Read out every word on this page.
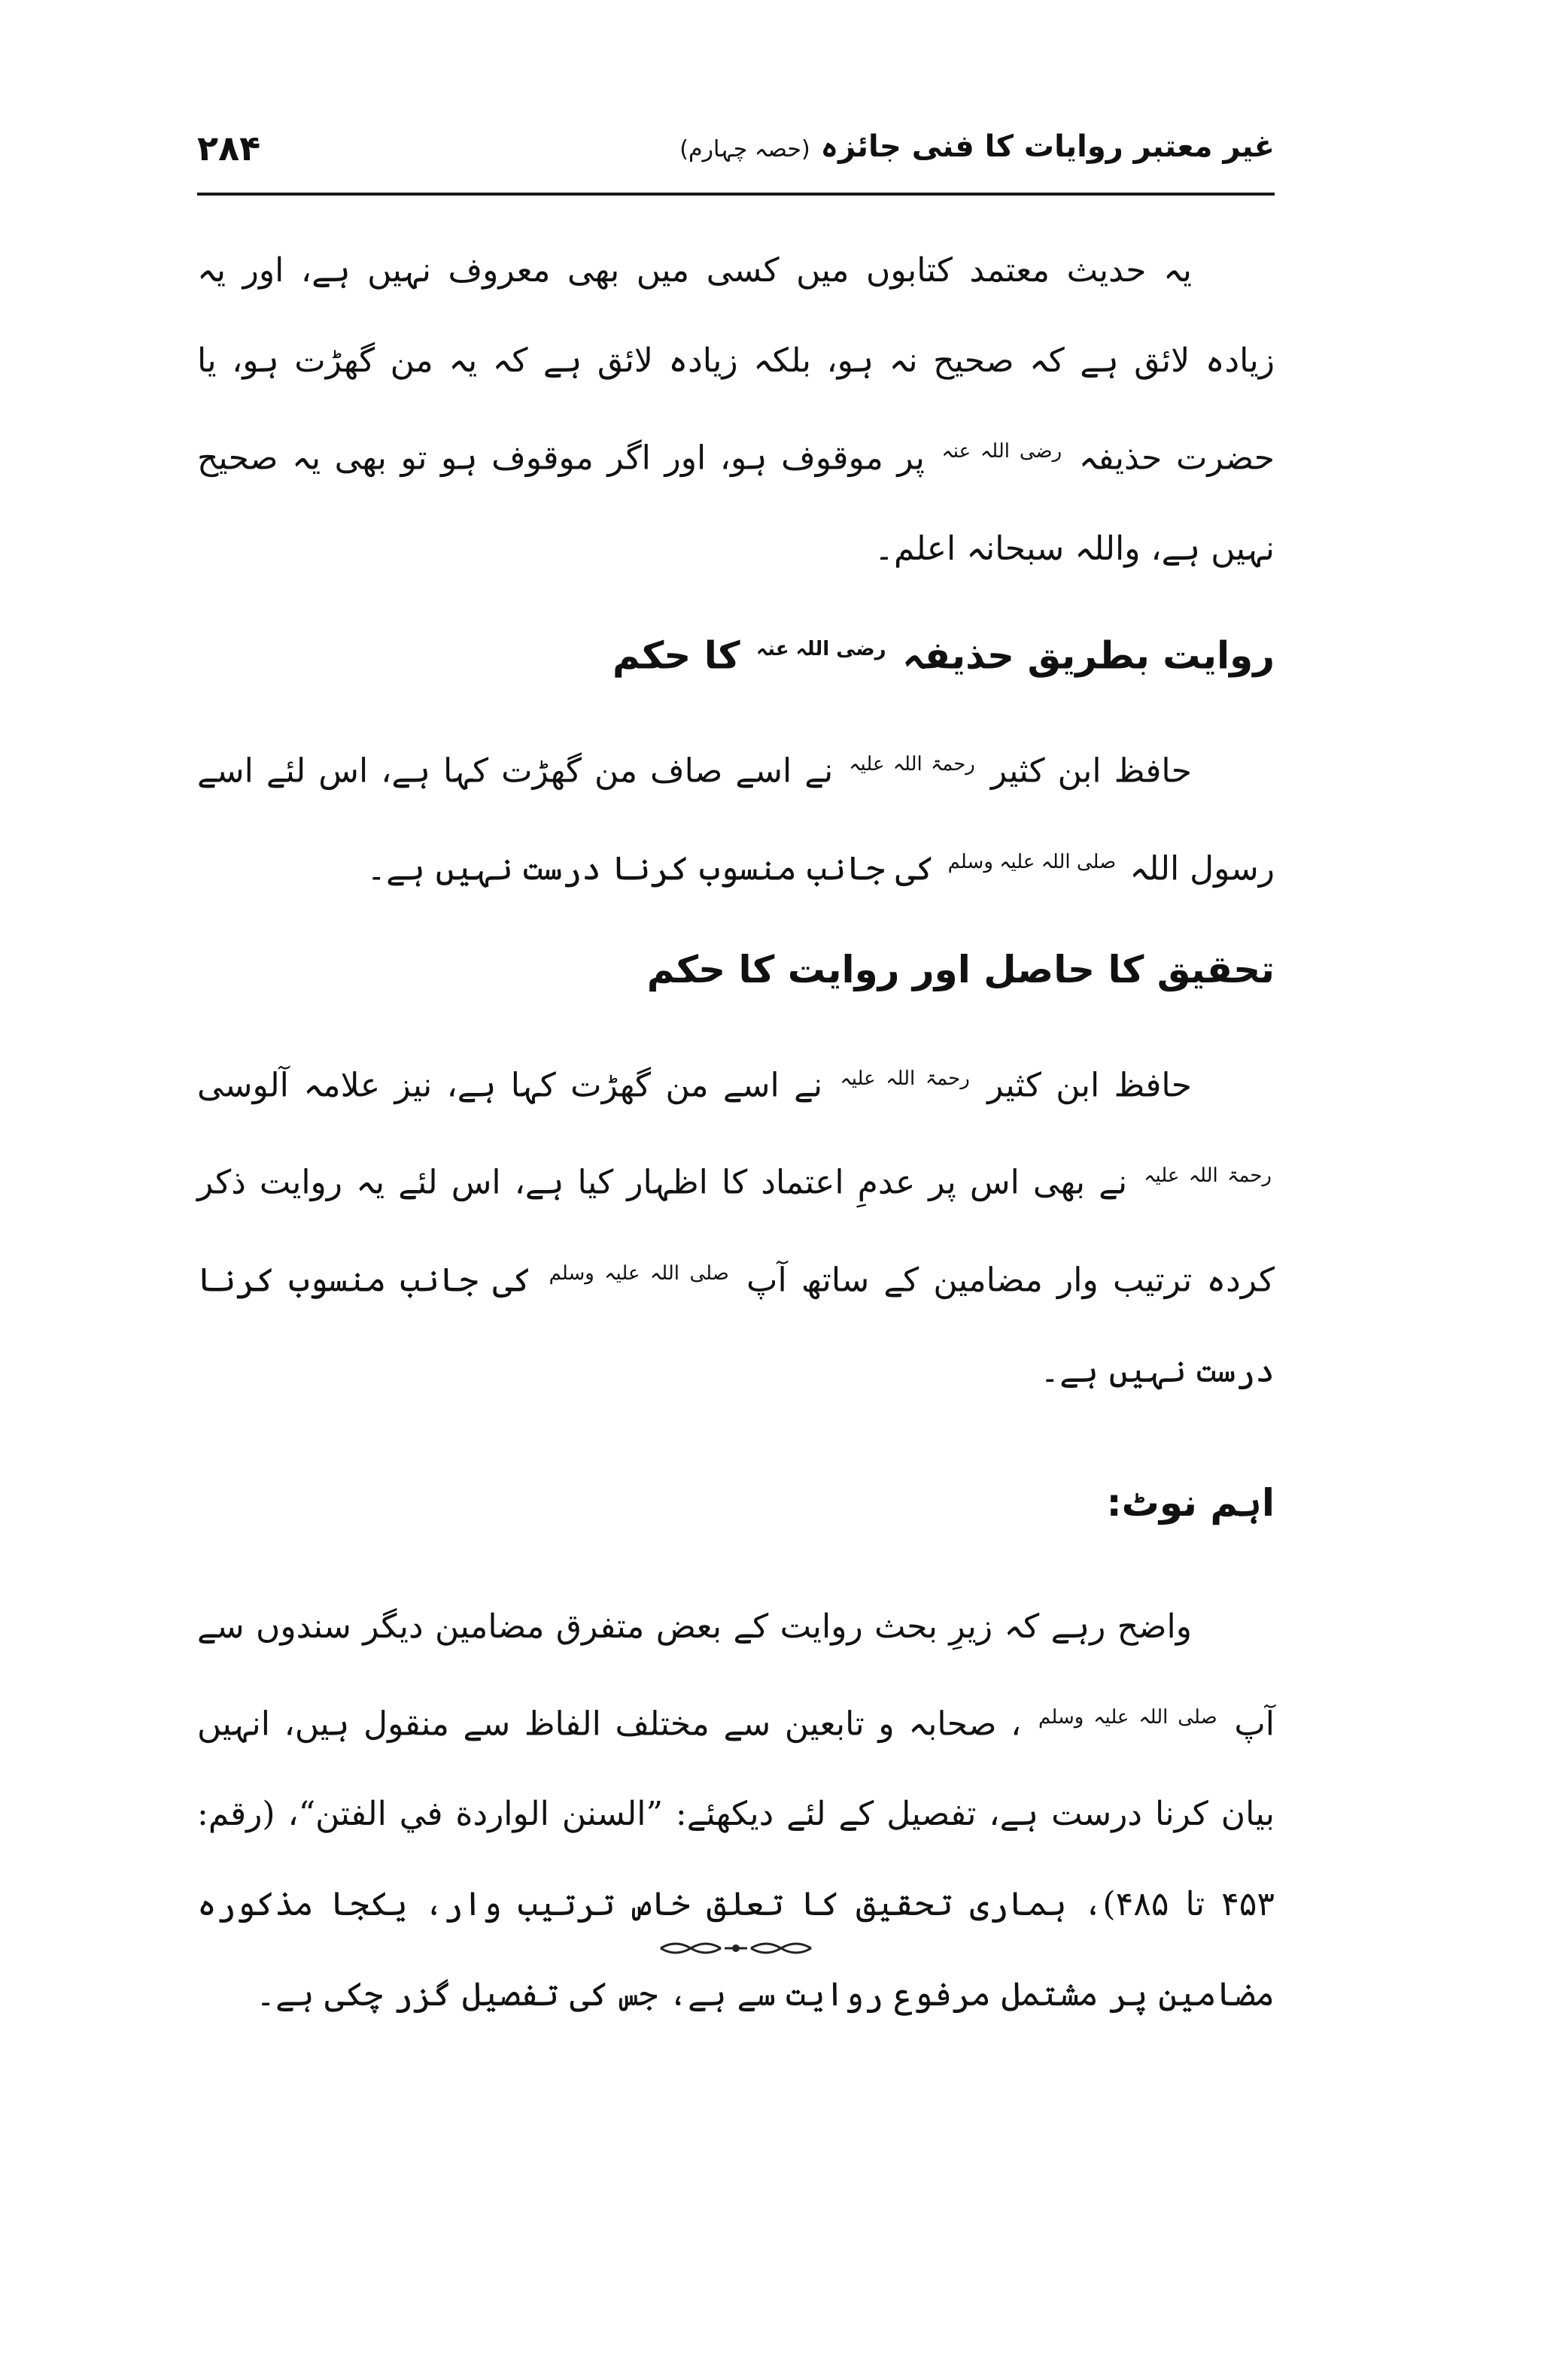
غیر معتبر روایات کا فنی جائزہ(حصہ چہارم)
۲۸۴

یہ حدیث معتمد کتابوں میں کسی میں بھی معروف نہیں ہے، اور یہ زیادہ لائق ہے کہ صحیح نہ ہو، بلکہ زیادہ لائق ہے کہ یہ من گھڑت ہو، یا حضرت حذیفہ $^{رضی اللہ عنہ}$ پر موقوف ہو، اور اگر موقوف ہو تو بھی یہ صحیح نہیں ہے، واللہ سبحانہ اعلم۔

روایت بطریق حذیفہ $^{رضی اللہ عنہ}$ کا حکم

حافظ ابن کثیر $^{رحمۃ اللہ علیہ}$ نے اسے صاف من گھڑت کہا ہے، اس لئے اسے رسول اللہ $^{صلی اللہ علیہ وسلم}$ کی جانب منسوب کرنا درست نہیں ہے۔

تحقیق کا حاصل اور روایت کا حکم

حافظ ابن کثیر $^{رحمۃ اللہ علیہ}$ نے اسے من گھڑت کہا ہے، نیز علامہ آلوسی $^{رحمۃ اللہ علیہ}$ نے بھی اس پر عدمِ اعتماد کا اظہار کیا ہے، اس لئے یہ روایت ذکر کردہ ترتیب وار مضامین کے ساتھ آپ $^{صلی اللہ علیہ وسلم}$ کی جانب منسوب کرنا درست نہیں ہے۔

اہم نوٹ:

واضح رہے کہ زیرِ بحث روایت کے بعض متفرق مضامین دیگر سندوں سے آپ $^{صلی اللہ علیہ وسلم}$ ، صحابہ و تابعین سے مختلف الفاظ سے منقول ہیں، انہیں بیان کرنا درست ہے، تفصیل کے لئے دیکھئے: ”السنن الواردة في الفتن“، (رقم: ۴۵۳ تا ۴۸۵)، ہماری تحقیق کا تعلق خاص ترتیب وار، یکجا مذکورہ مضامین پر مشتمل مرفوع روایت سے ہے، جس کی تفصیل گزر چکی ہے۔
